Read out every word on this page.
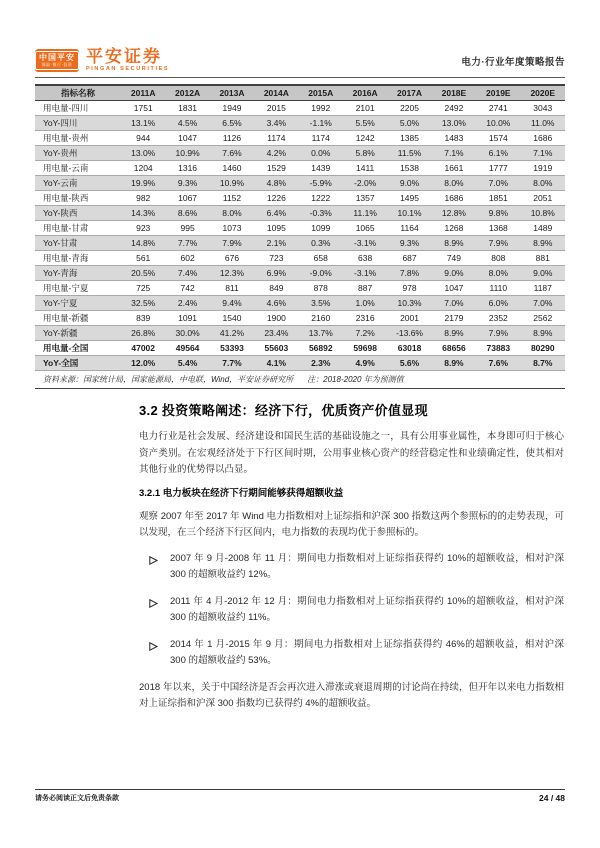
中国平安
保险·银行·投资 平安证券
PINGAN SECURITIES
电力·行业年度策略报告
指标名称	2011A	2012A	2013A	2014A	2015A	2016A	2017A	2018E	2019E	2020E
用电量-四川	1751	1831	1949	2015	1992	2101	2205	2492	2741	3043
YoY-四川	13.1%	4.5%	6.5%	3.4%	-1.1%	5.5%	5.0%	13.0%	10.0%	11.0%
用电量-贵州	944	1047	1126	1174	1174	1242	1385	1483	1574	1686
YoY-贵州	13.0%	10.9%	7.6%	4.2%	0.0%	5.8%	11.5%	7.1%	6.1%	7.1%
用电量-云南	1204	1316	1460	1529	1439	1411	1538	1661	1777	1919
YoY-云南	19.9%	9.3%	10.9%	4.8%	-5.9%	-2.0%	9.0%	8.0%	7.0%	8.0%
用电量-陕西	982	1067	1152	1226	1222	1357	1495	1686	1851	2051
YoY-陕西	14.3%	8.6%	8.0%	6.4%	-0.3%	11.1%	10.1%	12.8%	9.8%	10.8%
用电量-甘肃	923	995	1073	1095	1099	1065	1164	1268	1368	1489
YoY-甘肃	14.8%	7.7%	7.9%	2.1%	0.3%	-3.1%	9.3%	8.9%	7.9%	8.9%
用电量-青海	561	602	676	723	658	638	687	749	808	881
YoY-青海	20.5%	7.4%	12.3%	6.9%	-9.0%	-3.1%	7.8%	9.0%	8.0%	9.0%
用电量-宁夏	725	742	811	849	878	887	978	1047	1110	1187
YoY-宁夏	32.5%	2.4%	9.4%	4.6%	3.5%	1.0%	10.3%	7.0%	6.0%	7.0%
用电量-新疆	839	1091	1540	1900	2160	2316	2001	2179	2352	2562
YoY-新疆	26.8%	30.0%	41.2%	23.4%	13.7%	7.2%	-13.6%	8.9%	7.9%	8.9%
用电量-全国	47002	49564	53393	55603	56892	59698	63018	68656	73883	80290
YoY-全国	12.0%	5.4%	7.7%	4.1%	2.3%	4.9%	5.6%	8.9%	7.6%	8.7%
资料来源：国家统计局，国家能源局，中电联，Wind，平安证券研究所 注：2018-2020 年为预测值
3.2 投资策略阐述：经济下行，优质资产价值显现

电力行业是社会发展、经济建设和国民生活的基础设施之一，具有公用事业属性，本身即可归于核心资产类别。在宏观经济处于下行区间时期，公用事业核心资产的经营稳定性和业绩确定性，使其相对其他行业的优势得以凸显。

3.2.1 电力板块在经济下行期间能够获得超额收益

观察 2007 年至 2017 年 Wind 电力指数相对上证综指和沪深 300 指数这两个参照标的的走势表现，可以发现，在三个经济下行区间内，电力指数的表现均优于参照标的。

2007 年 9 月-2008 年 11 月：期间电力指数相对上证综指获得约 10%的超额收益，相对沪深 300 的超额收益约 12%。
2011 年 4 月-2012 年 12 月：期间电力指数相对上证综指获得约 10%的超额收益，相对沪深 300 的超额收益约 11%。
2014 年 1 月-2015 年 9 月：期间电力指数相对上证综指获得约 46%的超额收益，相对沪深 300 的超额收益约 53%。

2018 年以来，关于中国经济是否会再次进入滞涨或衰退周期的讨论尚在持续，但开年以来电力指数相对上证综指和沪深 300 指数均已获得约 4%的超额收益。

请务必阅读正文后免责条款	24 / 48
